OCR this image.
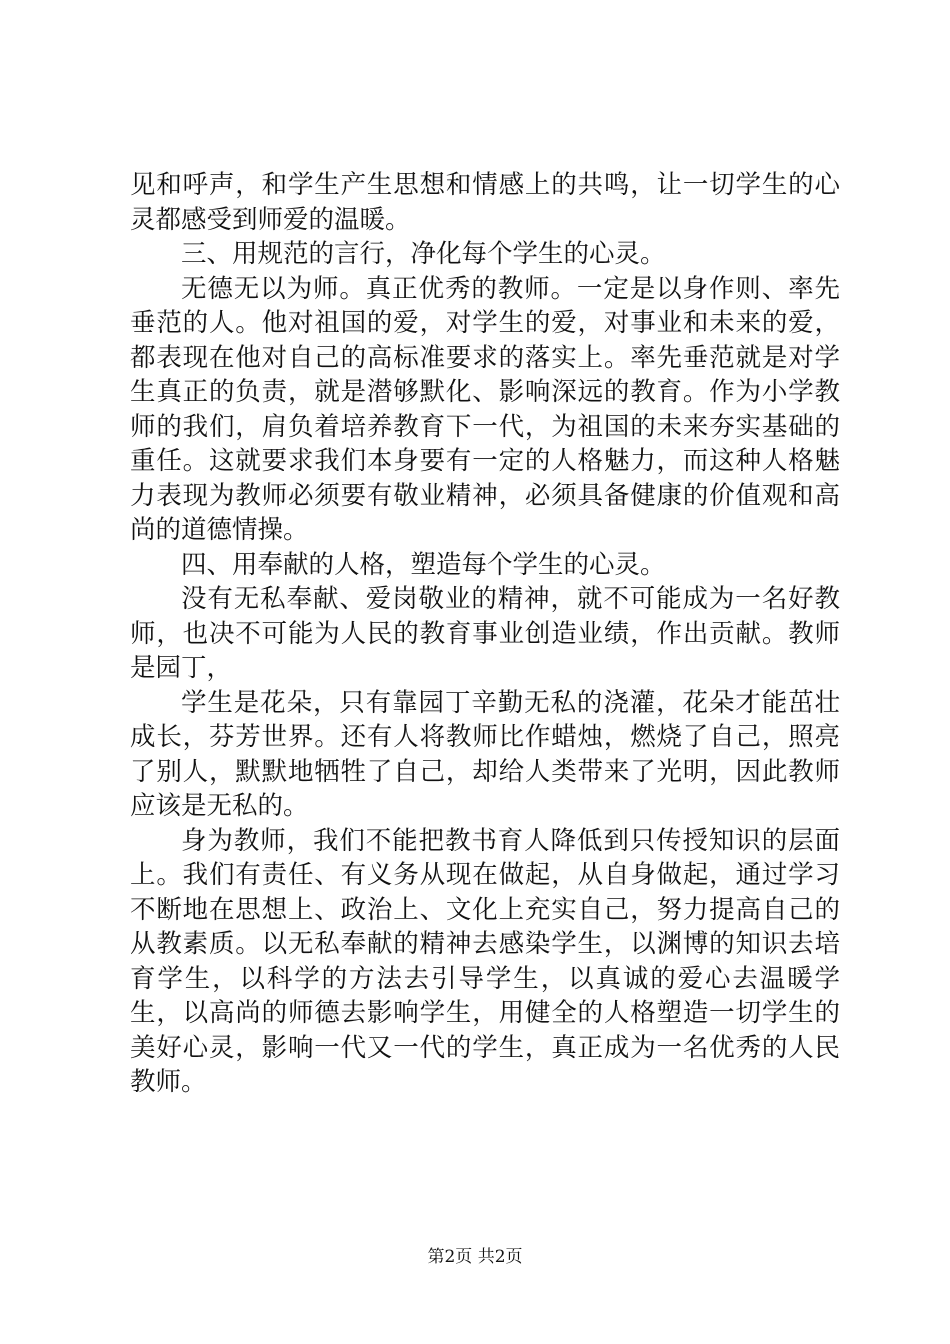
见和呼声，和学生产生思想和情感上的共鸣，让一切学生的心灵都感受到师爱的温暖。

三、用规范的言行，净化每个学生的心灵。

无德无以为师。真正优秀的教师。一定是以身作则、率先垂范的人。他对祖国的爱，对学生的爱，对事业和未来的爱，都表现在他对自己的高标准要求的落实上。率先垂范就是对学生真正的负责，就是潜够默化、影响深远的教育。作为小学教师的我们，肩负着培养教育下一代，为祖国的未来夯实基础的重任。这就要求我们本身要有一定的人格魅力，而这种人格魅力表现为教师必须要有敬业精神，必须具备健康的价值观和高尚的道德情操。

四、用奉献的人格，塑造每个学生的心灵。

没有无私奉献、爱岗敬业的精神，就不可能成为一名好教师，也决不可能为人民的教育事业创造业绩，作出贡献。教师是园丁，

学生是花朵，只有靠园丁辛勤无私的浇灌，花朵才能茁壮成长，芬芳世界。还有人将教师比作蜡烛，燃烧了自己，照亮了别人，默默地牺牲了自己，却给人类带来了光明，因此教师应该是无私的。

身为教师，我们不能把教书育人降低到只传授知识的层面上。我们有责任、有义务从现在做起，从自身做起，通过学习不断地在思想上、政治上、文化上充实自己，努力提高自己的从教素质。以无私奉献的精神去感染学生，以渊博的知识去培育学生，以科学的方法去引导学生，以真诚的爱心去温暖学生，以高尚的师德去影响学生，用健全的人格塑造一切学生的美好心灵，影响一代又一代的学生，真正成为一名优秀的人民教师。

第2页 共2页
